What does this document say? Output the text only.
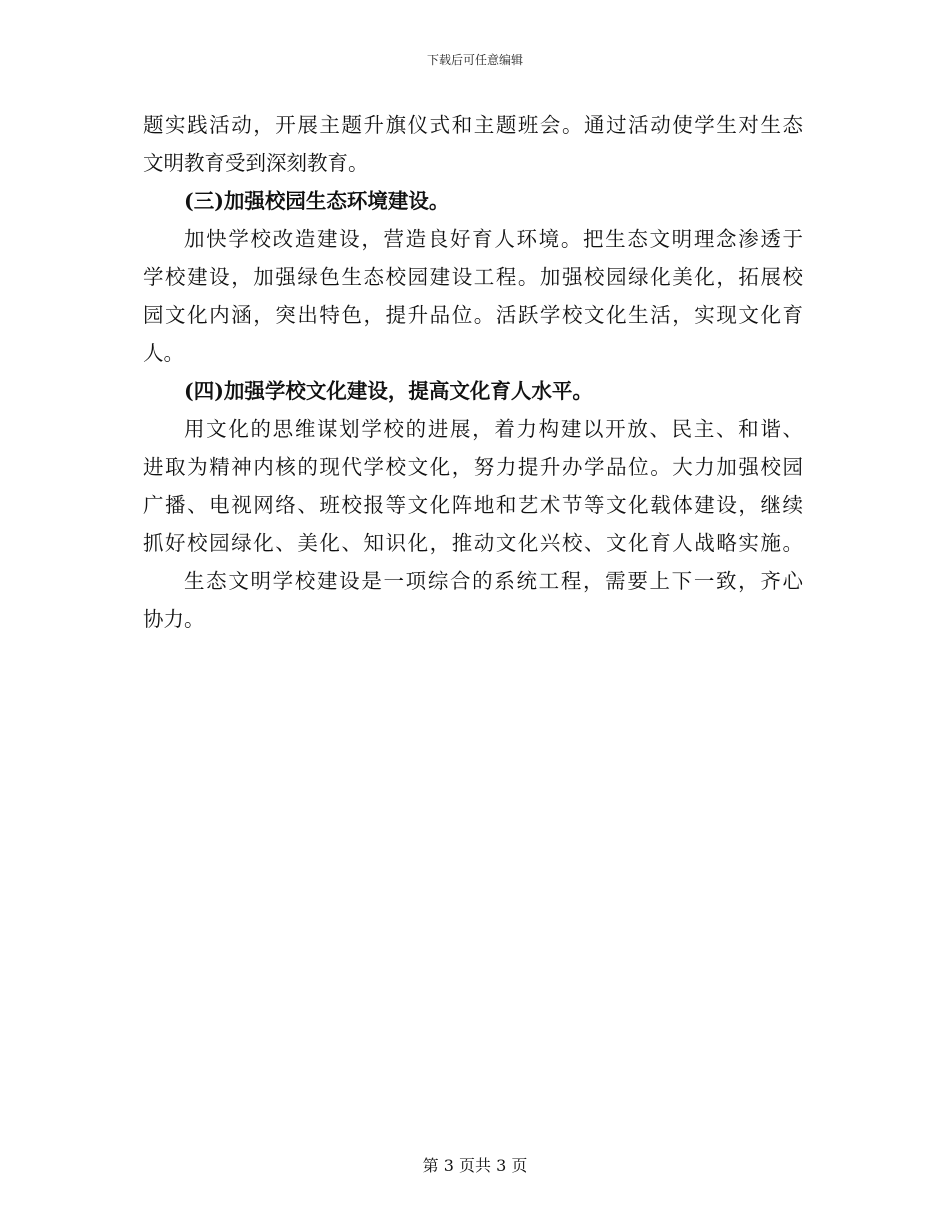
下载后可任意编辑
题实践活动，开展主题升旗仪式和主题班会。通过活动使学生对生态
文明教育受到深刻教育。
(三)加强校园生态环境建设。
加快学校改造建设，营造良好育人环境。把生态文明理念渗透于
学校建设，加强绿色生态校园建设工程。加强校园绿化美化，拓展校
园文化内涵，突出特色，提升品位。活跃学校文化生活，实现文化育
人。
(四)加强学校文化建设，提高文化育人水平。
用文化的思维谋划学校的进展，着力构建以开放、民主、和谐、
进取为精神内核的现代学校文化，努力提升办学品位。大力加强校园
广播、电视网络、班校报等文化阵地和艺术节等文化载体建设，继续
抓好校园绿化、美化、知识化，推动文化兴校、文化育人战略实施。
生态文明学校建设是一项综合的系统工程，需要上下一致，齐心
协力。
第 3 页共 3 页
